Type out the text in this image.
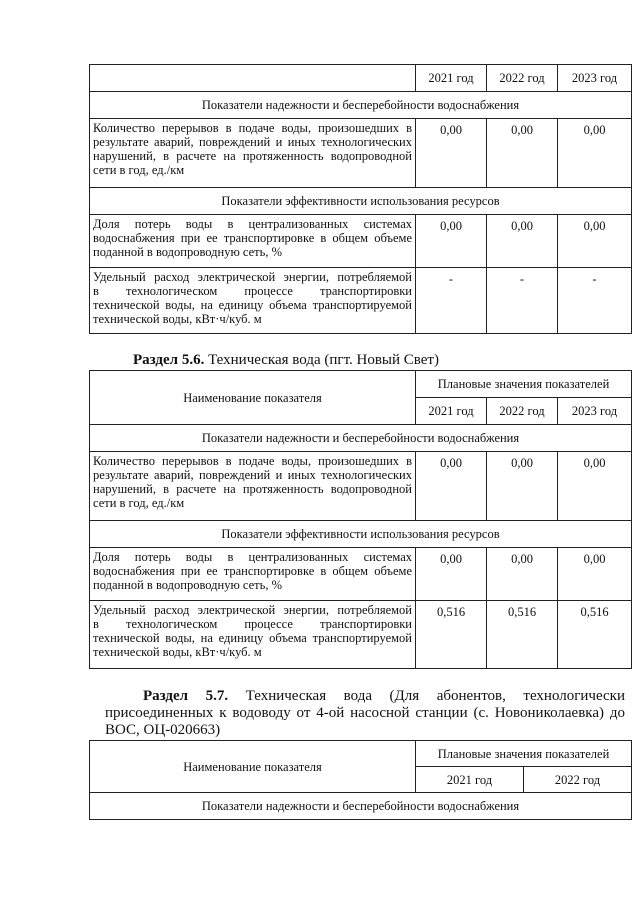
	2021 год	2022 год	2023 год
Показатели надежности и бесперебойности водоснабжения			

Количество перерывов в подаче воды, произошедших в
результате аварий, повреждений и иных технологических
нарушений, в расчете на протяженность водопроводной
сети в год, ед./км	0,00	0,00	0,00
Показатели эффективности использования ресурсов			

Доля потерь воды в централизованных системах
водоснабжения при ее транспортировке в общем объеме
поданной в водопроводную сеть, %	0,00	0,00	0,00

Удельный расход электрической энергии, потребляемой
в технологическом процессе транспортировки
технической воды, на единицу объема транспортируемой
технической воды, кВт·ч/куб. м	-	-	-
Раздел 5.6. Техническая вода (пгт. Новый Свет)
Наименование показателя	Плановые значения показателей		
	2021 год	2022 год	2023 год
Показатели надежности и бесперебойности водоснабжения			

Количество перерывов в подаче воды, произошедших в
результате аварий, повреждений и иных технологических
нарушений, в расчете на протяженность водопроводной
сети в год, ед./км	0,00	0,00	0,00
Показатели эффективности использования ресурсов			

Доля потерь воды в централизованных системах
водоснабжения при ее транспортировке в общем объеме
поданной в водопроводную сеть, %	0,00	0,00	0,00

Удельный расход электрической энергии, потребляемой
в технологическом процессе транспортировки
технической воды, на единицу объема транспортируемой
технической воды, кВт·ч/куб. м	0,516	0,516	0,516
Раздел 5.7. Техническая вода (Для абонентов, технологически
присоединенных к водоводу от 4-ой насосной станции (с. Новониколаевка) до
ВОС, ОЦ-020663)
Наименование показателя	Плановые значения показателей	
	2021 год	2022 год
Показатели надежности и бесперебойности водоснабжения		
